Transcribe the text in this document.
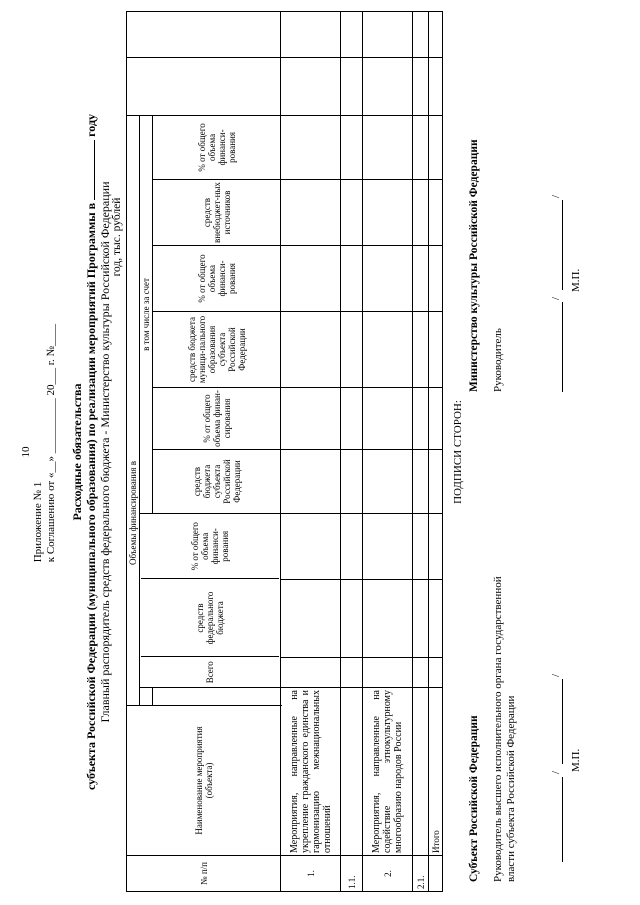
10
Приложение № 1 к Соглашению от «__» __________ 20___ г. №____ Расходные обязательства субъекта Российской Федерации (муниципального образования) по реализации мероприятий Программы в  году
Главный распорядитель средств федерального бюджета - Министерство культуры Российской Федерации год, тыс. рублей
№ п/п	Наименование мероприятия (объекта)	Объемы финансирования в		

Всего	средств федерального бюджета	% от общего объема финанси-рования
	в том числе за счет
	средств бюджета субъекта Российской Федерации	% от общего объема финан-сирования	средств бюджета муници-пального образования субъекта Российской Федерации	% от общего объема финанси-рования	средств внебюджет-ных источников	% от общего объема финанси-рования

1.	Мероприятия, направленные на укрепление гражданского единства и гармонизацию межнациональных отношений											
1.1.												
2.	Мероприятия, направленные на содействие этнокультурному многообразию народов России											
2.1.												
	Итого											
ПОДПИСИ СТОРОН:
Субъект Российской Федерации
Министерство культуры Российской Федерации
Руководитель высшего исполнительного органа государственной власти субъекта Российской Федерации
Руководитель
/
/
М.П.
/
/
М.П.
